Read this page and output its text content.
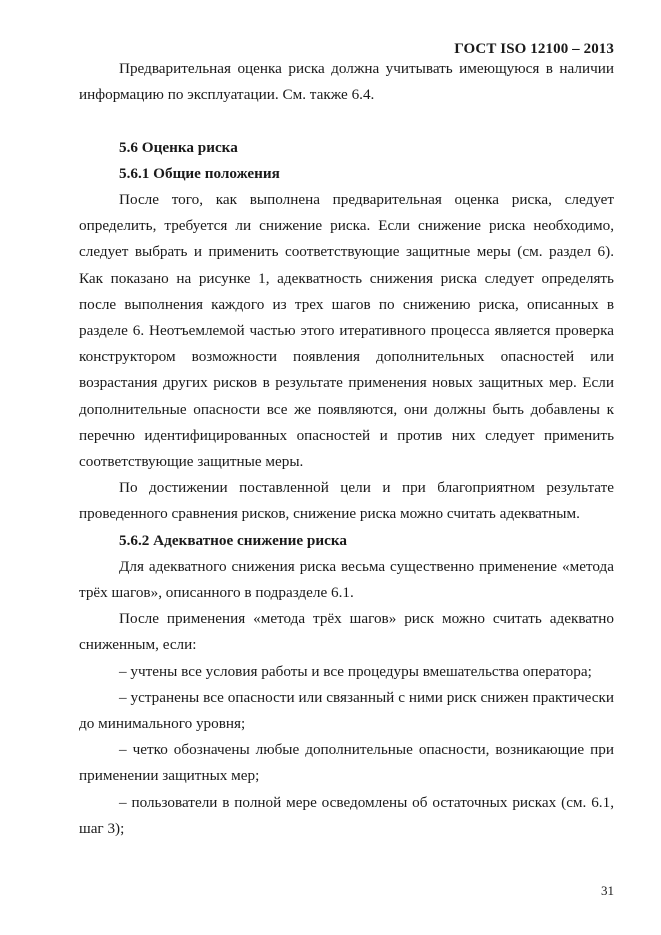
ГОСТ ISO 12100 – 2013

Предварительная оценка риска должна учитывать имеющуюся в наличии информацию по эксплуатации. См. также 6.4.

5.6 Оценка риска

5.6.1 Общие положения

После того, как выполнена предварительная оценка риска, следует определить, требуется ли снижение риска. Если снижение риска необходимо, следует выбрать и применить соответствующие защитные меры (см. раздел 6). Как показано на рисунке 1, адекватность снижения риска следует определять после выполнения каждого из трех шагов по снижению риска, описанных в разделе 6. Неотъемлемой частью этого итеративного процесса является проверка конструктором возможности появления дополнительных опасностей или возрастания других рисков в результате применения новых защитных мер. Если дополнительные опасности все же появляются, они должны быть добавлены к перечню идентифицированных опасностей и против них следует применить соответствующие защитные меры.

По достижении поставленной цели и при благоприятном результате проведенного сравнения рисков, снижение риска можно считать адекватным.

5.6.2 Адекватное снижение риска

Для адекватного снижения риска весьма существенно применение «метода трёх шагов», описанного в подразделе 6.1.

После применения «метода трёх шагов» риск можно считать адекватно сниженным, если:

– учтены все условия работы и все процедуры вмешательства оператора;

– устранены все опасности или связанный с ними риск снижен практически до минимального уровня;

– четко обозначены любые дополнительные опасности, возникающие при применении защитных мер;

– пользователи в полной мере осведомлены об остаточных рисках (см. 6.1, шаг 3);

31
